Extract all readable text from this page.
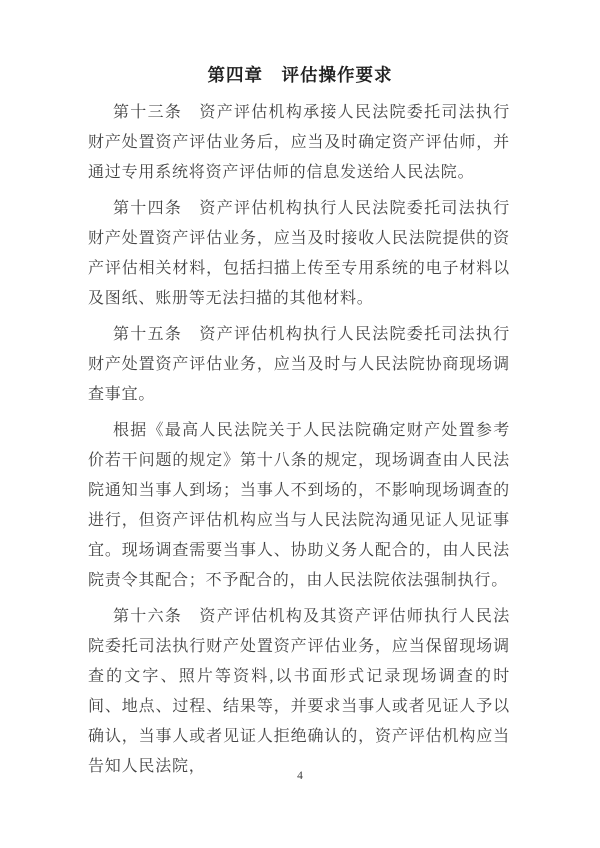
第四章　评估操作要求

第十三条　资产评估机构承接人民法院委托司法执行财产处置资产评估业务后，应当及时确定资产评估师，并通过专用系统将资产评估师的信息发送给人民法院。

第十四条　资产评估机构执行人民法院委托司法执行财产处置资产评估业务，应当及时接收人民法院提供的资产评估相关材料，包括扫描上传至专用系统的电子材料以及图纸、账册等无法扫描的其他材料。

第十五条　资产评估机构执行人民法院委托司法执行财产处置资产评估业务，应当及时与人民法院协商现场调查事宜。

根据《最高人民法院关于人民法院确定财产处置参考价若干问题的规定》第十八条的规定，现场调查由人民法院通知当事人到场；当事人不到场的，不影响现场调查的进行，但资产评估机构应当与人民法院沟通见证人见证事宜。现场调查需要当事人、协助义务人配合的，由人民法院责令其配合；不予配合的，由人民法院依法强制执行。

第十六条　资产评估机构及其资产评估师执行人民法院委托司法执行财产处置资产评估业务，应当保留现场调查的文字、照片等资料,以书面形式记录现场调查的时间、地点、过程、结果等，并要求当事人或者见证人予以确认，当事人或者见证人拒绝确认的，资产评估机构应当告知人民法院，

4
